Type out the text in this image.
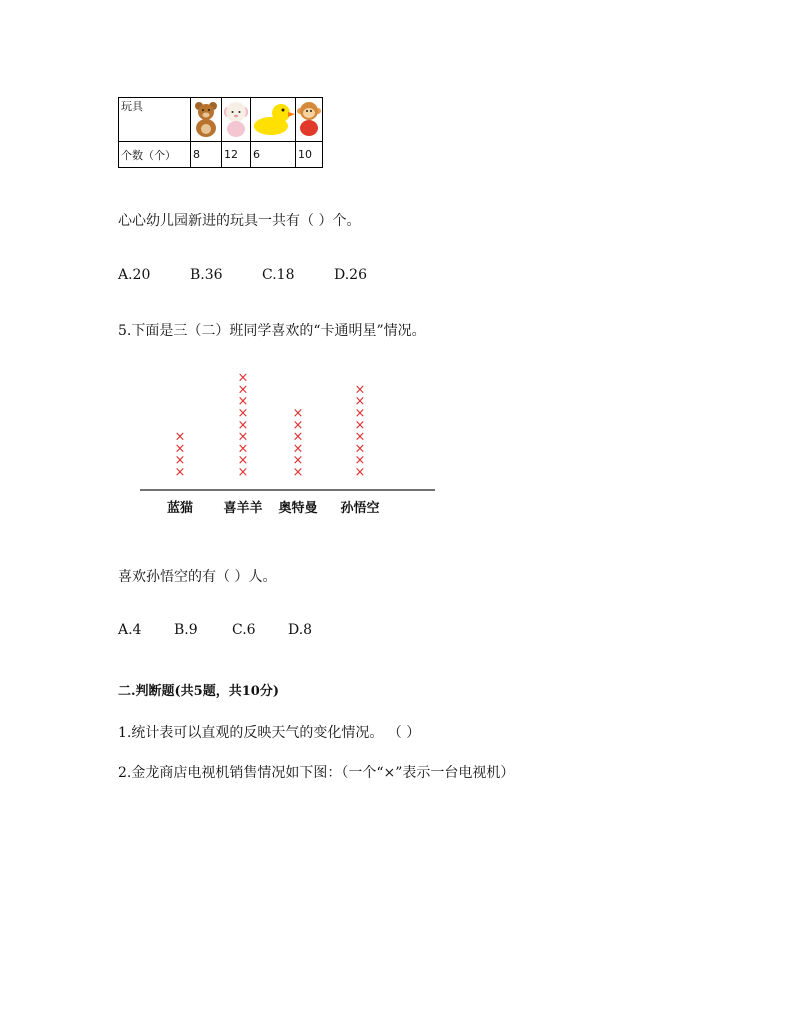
玩具				
个数（个）	8	12	6	10
心心幼儿园新进的玩具一共有（ ）个。
A.20	B.36	C.18	D.26
5.下面是三（二）班同学喜欢的“卡通明星”情况。
×
×
×
×
×
×
×
×
×
×
×
×
×
×
×
×
×
×
×
×
×
×
×
×
×
×
×
蓝猫 喜羊羊 奥特曼 孙悟空
喜欢孙悟空的有（ ）人。
A.4 B.9 C.6 D.8
二.判断题(共5题，共10分)
1.统计表可以直观的反映天气的变化情况。 （ ）
2.金龙商店电视机销售情况如下图：（一个“×”表示一台电视机）
